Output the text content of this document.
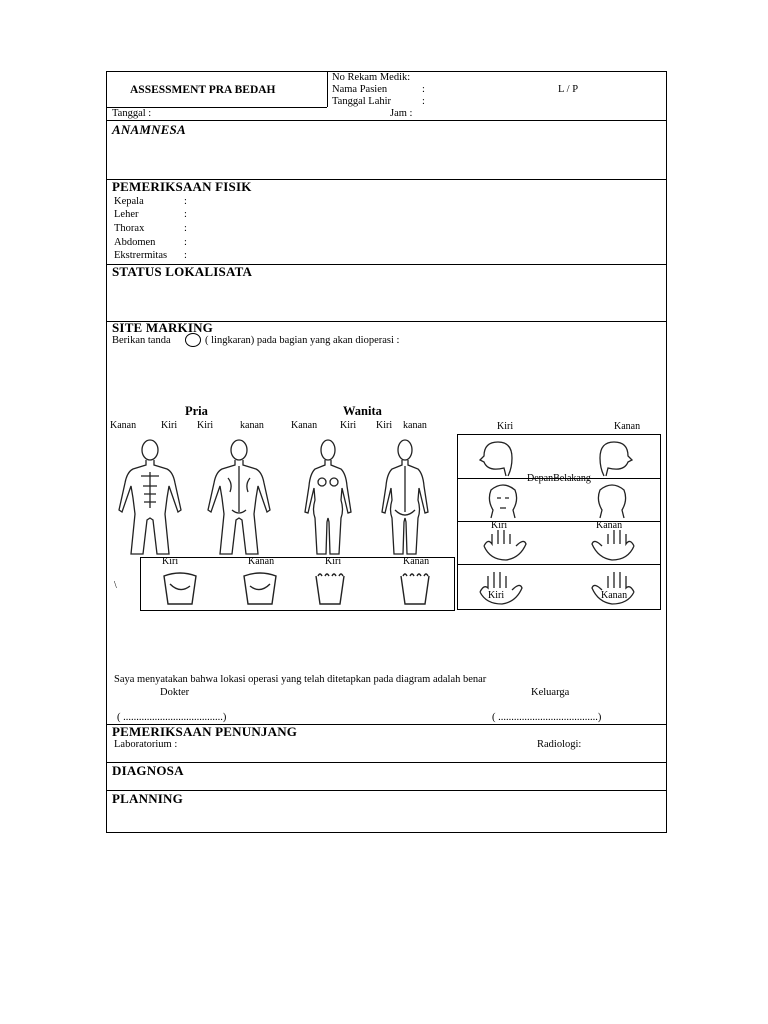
ASSESSMENT PRA BEDAH
No Rekam Medik:
Nama Pasien	:
Tanggal Lahir	:
L / P
Tanggal :	Jam :
ANAMNESA
PEMERIKSAAN FISIK
Kepala	:
Leher	:
Thorax	:
Abdomen	:
Ekstrermitas :
STATUS LOKALISATA
SITE MARKING
Berikan tanda ○ ( lingkaran) pada bagian yang akan dioperasi :
Pria	Wanita
Kanan Kiri Kiri	kanan	Kanan Kiri Kiri kanan
Kiri	Kanan	Kiri	Kanan
\
Kiri	Kanan
DepanBelakang
Kiri	Kanan
Kiri	Kanan
Saya menyatakan bahwa lokasi operasi yang telah ditetapkan pada diagram adalah benar
Dokter	Keluarga
( ......................................)	( ......................................)
PEMERIKSAAN PENUNJANG
Laboratorium :	Radiologi:
DIAGNOSA
PLANNING
